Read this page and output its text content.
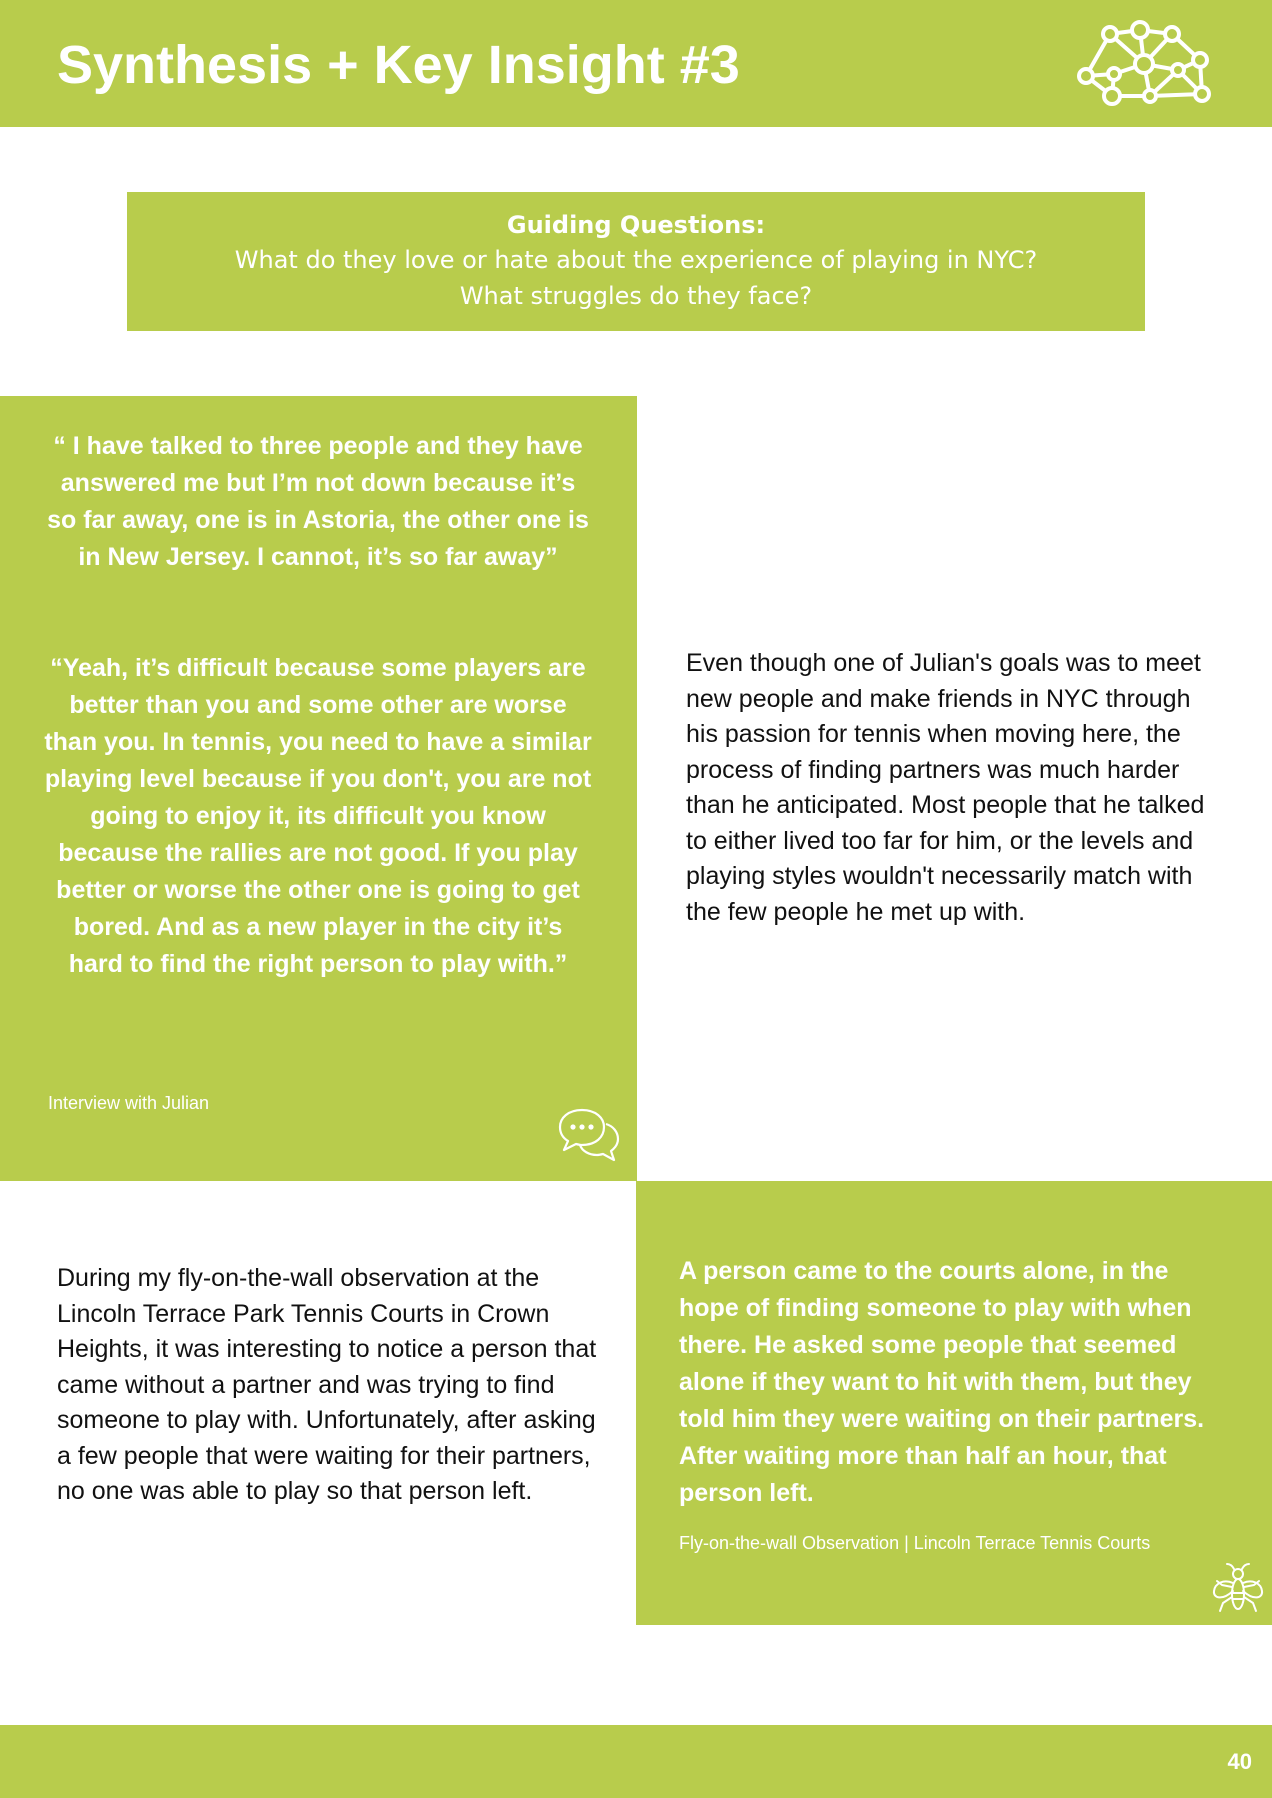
Synthesis + Key Insight #3
Guiding Questions:
What do they love or hate about the experience of playing in NYC?
What struggles do they face?

“ I have talked to three people and they have answered me but I’m not down because it’s so far away, one is in Astoria, the other one is in New Jersey. I cannot, it’s so far away”

“Yeah, it’s difficult because some players are better than you and some other are worse than you. In tennis, you need to have a similar playing level because if you don't, you are not going to enjoy it, its difficult you know because the rallies are not good. If you play better or worse the other one is going to get bored. And as a new player in the city it’s hard to find the right person to play with.”

Interview with Julian

Even though one of Julian's goals was to meet new people and make friends in NYC through his passion for tennis when moving here, the process of finding partners was much harder than he anticipated. Most people that he talked to either lived too far for him, or the levels and playing styles wouldn't necessarily match with the few people he met up with.

During my fly-on-the-wall observation at the Lincoln Terrace Park Tennis Courts in Crown Heights, it was interesting to notice a person that came without a partner and was trying to find someone to play with. Unfortunately, after asking a few people that were waiting for their partners, no one was able to play so that person left.

A person came to the courts alone, in the hope of finding someone to play with when there. He asked some people that seemed alone if they want to hit with them, but they told him they were waiting on their partners. After waiting more than half an hour, that person left.

Fly-on-the-wall Observation | Lincoln Terrace Tennis Courts
40
